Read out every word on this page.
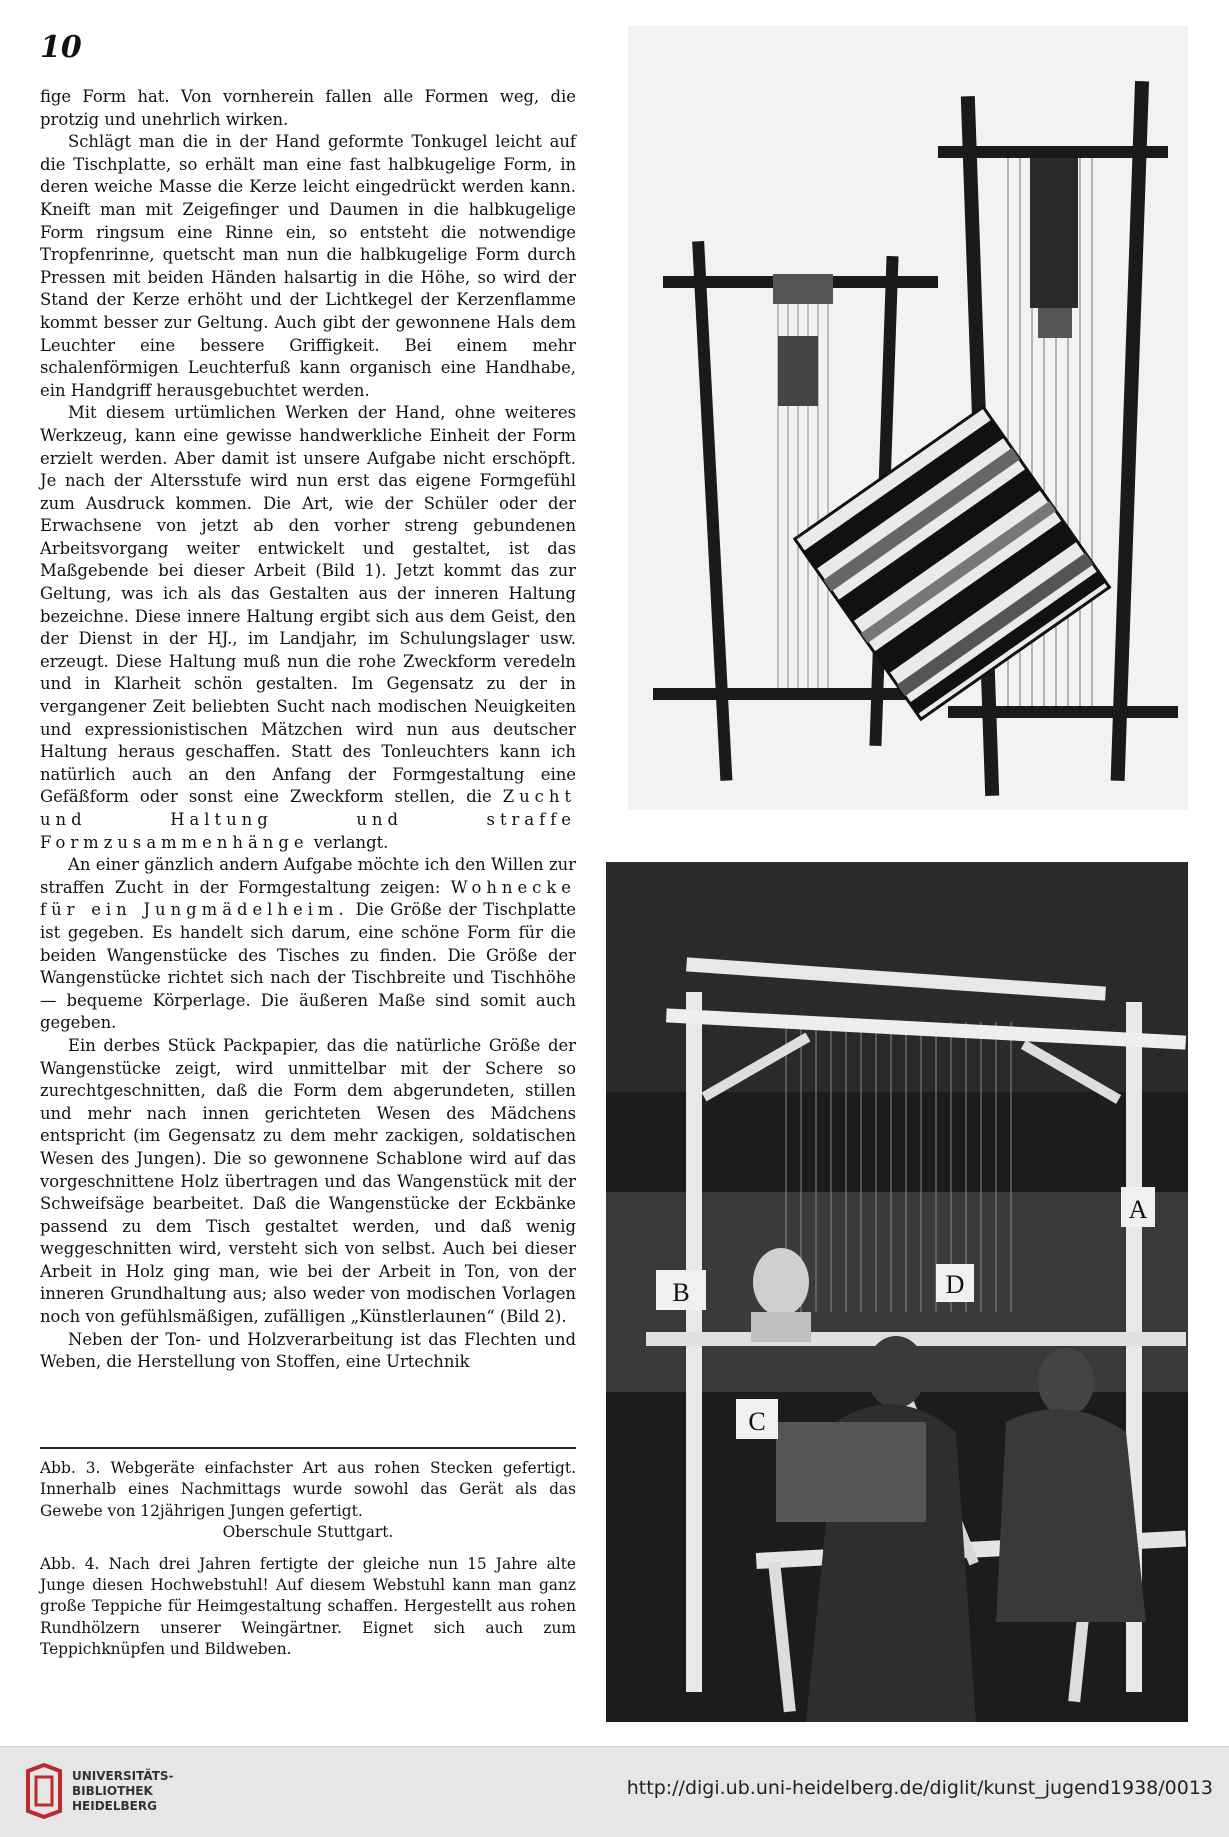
10

fige Form hat. Von vornherein fallen alle Formen weg, die protzig und unehrlich wirken.

Schlägt man die in der Hand geformte Tonkugel leicht auf die Tischplatte, so erhält man eine fast halbkugelige Form, in deren weiche Masse die Kerze leicht eingedrückt werden kann. Kneift man mit Zeigefinger und Daumen in die halbkugelige Form ringsum eine Rinne ein, so entsteht die notwendige Tropfenrinne, quetscht man nun die halbkugelige Form durch Pressen mit beiden Händen halsartig in die Höhe, so wird der Stand der Kerze erhöht und der Lichtkegel der Kerzenflamme kommt besser zur Geltung. Auch gibt der gewonnene Hals dem Leuchter eine bessere Griffigkeit. Bei einem mehr schalenförmigen Leuchterfuß kann organisch eine Handhabe, ein Handgriff herausgebuchtet werden.

Mit diesem urtümlichen Werken der Hand, ohne weiteres Werkzeug, kann eine gewisse handwerkliche Einheit der Form erzielt werden. Aber damit ist unsere Aufgabe nicht erschöpft. Je nach der Altersstufe wird nun erst das eigene Formgefühl zum Ausdruck kommen. Die Art, wie der Schüler oder der Erwachsene von jetzt ab den vorher streng gebundenen Arbeitsvorgang weiter entwickelt und gestaltet, ist das Maßgebende bei dieser Arbeit (Bild 1). Jetzt kommt das zur Geltung, was ich als das Gestalten aus der inneren Haltung bezeichne. Diese innere Haltung ergibt sich aus dem Geist, den der Dienst in der HJ., im Landjahr, im Schulungslager usw. erzeugt. Diese Haltung muß nun die rohe Zweckform veredeln und in Klarheit schön gestalten. Im Gegensatz zu der in vergangener Zeit beliebten Sucht nach modischen Neuigkeiten und expressionistischen Mätzchen wird nun aus deutscher Haltung heraus geschaffen. Statt des Tonleuchters kann ich natürlich auch an den Anfang der Formgestaltung eine Gefäßform oder sonst eine Zweckform stellen, die Zucht und Haltung und straffe Formzusammenhänge verlangt.

An einer gänzlich andern Aufgabe möchte ich den Willen zur straffen Zucht in der Formgestaltung zeigen: Wohnecke für ein Jungmädelheim. Die Größe der Tischplatte ist gegeben. Es handelt sich darum, eine schöne Form für die beiden Wangenstücke des Tisches zu finden. Die Größe der Wangenstücke richtet sich nach der Tischbreite und Tischhöhe — bequeme Körperlage. Die äußeren Maße sind somit auch gegeben.

Ein derbes Stück Packpapier, das die natürliche Größe der Wangenstücke zeigt, wird unmittelbar mit der Schere so zurechtgeschnitten, daß die Form dem abgerundeten, stillen und mehr nach innen gerichteten Wesen des Mädchens entspricht (im Gegensatz zu dem mehr zackigen, soldatischen Wesen des Jungen). Die so gewonnene Schablone wird auf das vorgeschnittene Holz übertragen und das Wangenstück mit der Schweifsäge bearbeitet. Daß die Wangenstücke der Eckbänke passend zu dem Tisch gestaltet werden, und daß wenig weggeschnitten wird, versteht sich von selbst. Auch bei dieser Arbeit in Holz ging man, wie bei der Arbeit in Ton, von der inneren Grundhaltung aus; also weder von modischen Vorlagen noch von gefühlsmäßigen, zufälligen „Künstlerlaunen“ (Bild 2).

Neben der Ton- und Holzverarbeitung ist das Flechten und Weben, die Herstellung von Stoffen, eine Urtechnik

Abb. 3. Webgeräte einfachster Art aus rohen Stecken gefertigt. Innerhalb eines Nachmittags wurde sowohl das Gerät als das Gewebe von 12jährigen Jungen gefertigt.
Oberschule Stuttgart.

Abb. 4. Nach drei Jahren fertigte der gleiche nun 15 Jahre alte Junge diesen Hochwebstuhl! Auf diesem Webstuhl kann man ganz große Teppiche für Heimgestaltung schaffen. Hergestellt aus rohen Rundhölzern unserer Weingärtner. Eignet sich auch zum Teppichknüpfen und Bildweben.

A
B	D
C
UNIVERSITÄTS-
BIBLIOTHEK
HEIDELBERG
http://digi.ub.uni-heidelberg.de/diglit/kunst_jugend1938/0013
